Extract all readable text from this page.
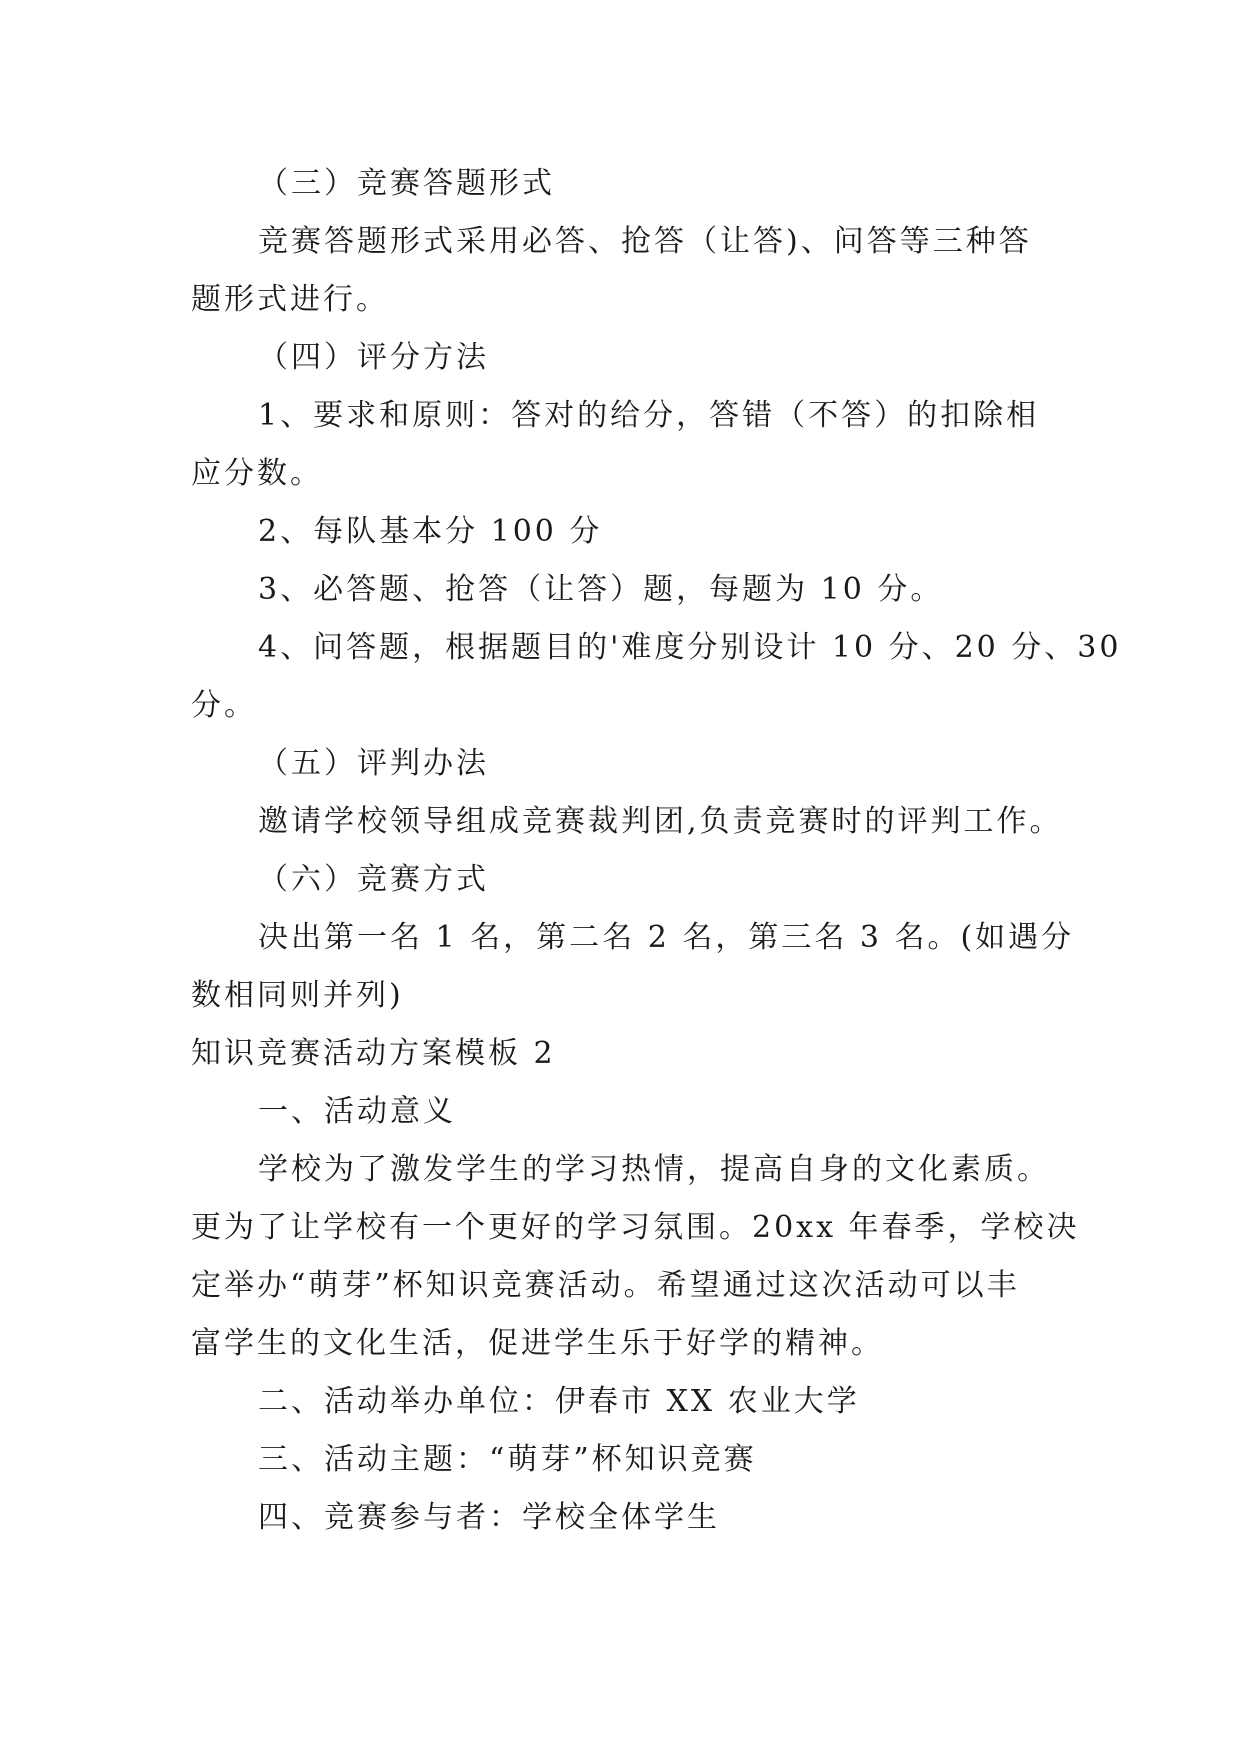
（三）竞赛答题形式
竞赛答题形式采用必答、抢答（让答)、问答等三种答
题形式进行。
（四）评分方法
1、要求和原则：答对的给分，答错（不答）的扣除相
应分数。
2、每队基本分 100 分
3、必答题、抢答（让答）题，每题为 10 分。
4、问答题，根据题目的'难度分别设计 10 分、20 分、30
分。
（五）评判办法
邀请学校领导组成竞赛裁判团,负责竞赛时的评判工作。
（六）竞赛方式
决出第一名 1 名，第二名 2 名，第三名 3 名。(如遇分
数相同则并列)
知识竞赛活动方案模板 2
一、活动意义
学校为了激发学生的学习热情，提高自身的文化素质。
更为了让学校有一个更好的学习氛围。20xx 年春季，学校决
定举办“萌芽”杯知识竞赛活动。希望通过这次活动可以丰
富学生的文化生活，促进学生乐于好学的精神。
二、活动举办单位：伊春市 XX 农业大学
三、活动主题：“萌芽”杯知识竞赛
四、竞赛参与者：学校全体学生
